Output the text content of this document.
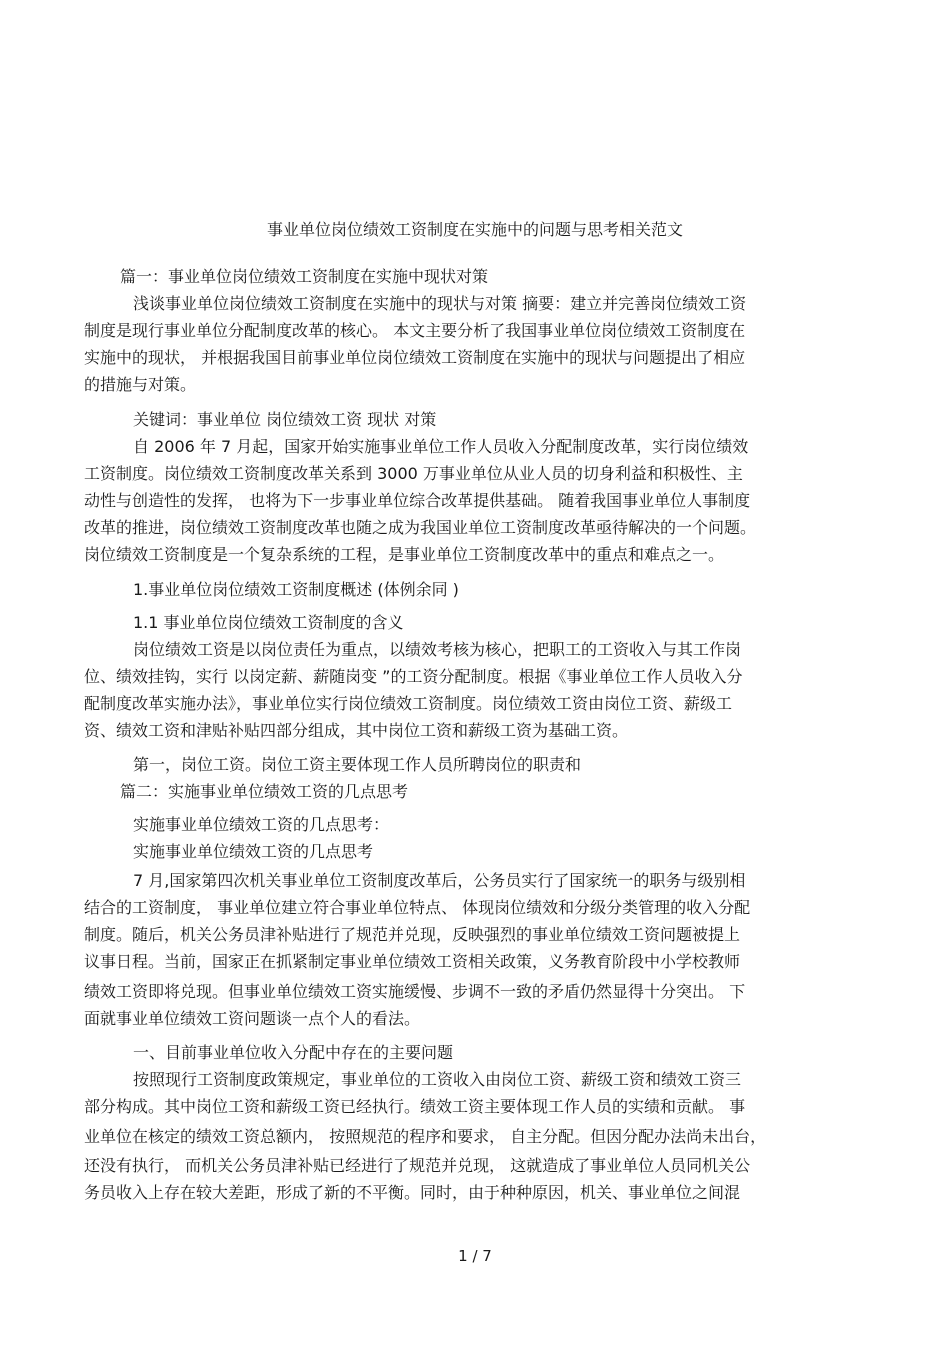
事业单位岗位绩效工资制度在实施中的问题与思考相关范文
篇一：事业单位岗位绩效工资制度在实施中现状对策
浅谈事业单位岗位绩效工资制度在实施中的现状与对策 摘要：建立并完善岗位绩效工资
制度是现行事业单位分配制度改革的核心。 本文主要分析了我国事业单位岗位绩效工资制度在
实施中的现状， 并根据我国目前事业单位岗位绩效工资制度在实施中的现状与问题提出了相应
的措施与对策。
关键词：事业单位 岗位绩效工资 现状 对策
自 2006 年 7 月起，国家开始实施事业单位工作人员收入分配制度改革，实行岗位绩效
工资制度。岗位绩效工资制度改革关系到 3000 万事业单位从业人员的切身利益和积极性、主
动性与创造性的发挥， 也将为下一步事业单位综合改革提供基础。 随着我国事业单位人事制度
改革的推进，岗位绩效工资制度改革也随之成为我国业单位工资制度改革亟待解决的一个问题。
岗位绩效工资制度是一个复杂系统的工程，是事业单位工资制度改革中的重点和难点之一。
1.事业单位岗位绩效工资制度概述 (体例余同 )
1.1 事业单位岗位绩效工资制度的含义
岗位绩效工资是以岗位责任为重点，以绩效考核为核心，把职工的工资收入与其工作岗
位、绩效挂钩，实行 以岗定薪、薪随岗变 ”的工资分配制度。根据《事业单位工作人员收入分
配制度改革实施办法》，事业单位实行岗位绩效工资制度。岗位绩效工资由岗位工资、薪级工
资、绩效工资和津贴补贴四部分组成，其中岗位工资和薪级工资为基础工资。
第一，岗位工资。岗位工资主要体现工作人员所聘岗位的职责和
篇二：实施事业单位绩效工资的几点思考
实施事业单位绩效工资的几点思考：
实施事业单位绩效工资的几点思考
7 月,国家第四次机关事业单位工资制度改革后，公务员实行了国家统一的职务与级别相
结合的工资制度， 事业单位建立符合事业单位特点、 体现岗位绩效和分级分类管理的收入分配
制度。随后，机关公务员津补贴进行了规范并兑现，反映强烈的事业单位绩效工资问题被提上
议事日程。当前，国家正在抓紧制定事业单位绩效工资相关政策，义务教育阶段中小学校教师
绩效工资即将兑现。但事业单位绩效工资实施缓慢、步调不一致的矛盾仍然显得十分突出。 下
面就事业单位绩效工资问题谈一点个人的看法。
一、目前事业单位收入分配中存在的主要问题
按照现行工资制度政策规定，事业单位的工资收入由岗位工资、薪级工资和绩效工资三
部分构成。其中岗位工资和薪级工资已经执行。绩效工资主要体现工作人员的实绩和贡献。 事
业单位在核定的绩效工资总额内， 按照规范的程序和要求， 自主分配。但因分配办法尚未出台，
还没有执行， 而机关公务员津补贴已经进行了规范并兑现， 这就造成了事业单位人员同机关公
务员收入上存在较大差距，形成了新的不平衡。同时，由于种种原因，机关、事业单位之间混
1 / 7
